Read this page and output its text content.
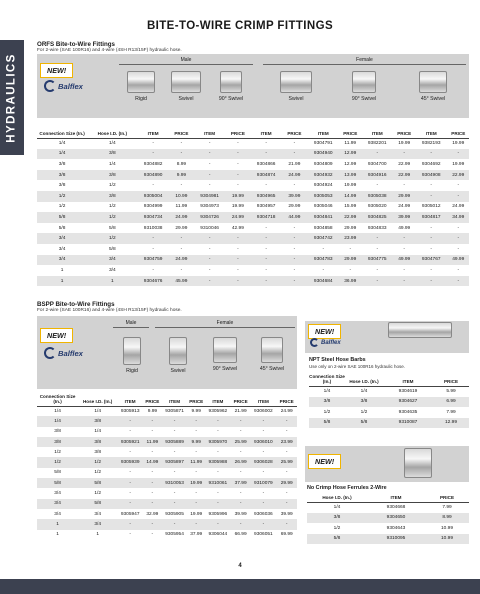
HYDRAULICS
BITE-TO-WIRE CRIMP FITTINGS
ORFS Bite-to-Wire Fittings
For 2-wire (SAE 100R16) and 4-wire (4SH R13/15F) hydraulic hose.
NEW!
Balflex
Male	Female
Rigid	Swivel	90° Swivel	Swivel	90° Swivel	45° Swivel
Connection Size (In.)	Hose I.D. (In.)	ITEM	PRICE	ITEM	PRICE	ITEM	PRICE	ITEM	PRICE	ITEM	PRICE	ITEM	PRICE
1/4	1/4	-	-	-	-	-	-	9304791	11.99	9382201	19.99	9382193	19.99
1/4	3/8	-	-	-	-	-	-	9304940	12.99	-	-	-	-
3/8	1/4	9304882	8.99	-	-	9304866	21.99	9304809	12.99	9304700	22.99	9304692	19.99
3/8	3/8	9304890	9.99	-	-	9304874	24.99	9304932	13.99	9304916	22.99	9304908	22.99
3/8	1/2	-	-	-	-	-	-	9304924	19.99	-	-	-	-
1/2	3/8	9305004	10.99	9304981	19.99	9304965	39.99	9305053	14.99	9305038	29.99	-	-
1/2	1/2	9304999	11.99	9304973	19.99	9304957	29.99	9305046	15.99	9305020	24.99	9305012	24.99
5/8	1/2	9304734	24.99	9304726	24.99	9304718	44.99	9304841	22.99	9304825	39.99	9304817	34.99
5/8	5/8	9310038	29.99	9310046	42.99	-	-	9304858	29.99	9304833	49.99	-	-
3/4	1/2	-	-	-	-	-	-	9304742	23.99	-	-	-	-
3/4	5/8	-	-	-	-	-	-	-	-	-	-	-	-
3/4	3/4	9304759	24.99	-	-	-	-	9304783	29.99	9304775	49.99	9304767	49.99
1	3/4	-	-	-	-	-	-	-	-	-	-	-	-
1	1	9304676	45.99	-	-	-	-	9304684	36.99	-	-	-	-
BSPP Bite-to-Wire Fittings
For 2-wire (SAE 100R16) and 4-wire (4SH R13/15F) hydraulic hose.
NEW!
Balflex
Male	Female
Rigid	Swivel	90° Swivel	45° Swivel
Connection Size (In.)	Hose I.D. (In.)	ITEM	PRICE	ITEM	PRICE	ITEM	PRICE	ITEM	PRICE
1/4	1/4	9305913	9.99	9305871	9.99	9305962	21.99	9306002	24.99
1/4	3/8	-	-	-	-	-	-	-	-
3/8	1/4	-	-	-	-	-	-	-	-
3/8	3/8	9305921	11.99	9305889	9.99	9305970	25.99	9306010	23.99
1/2	3/8	-	-	-	-	-	-	-	-
1/2	1/2	9305939	14.99	9305897	11.99	9305988	26.99	9306028	25.99
5/8	1/2	-	-	-	-	-	-	-	-
5/8	5/8	-	-	9310053	19.99	9310061	37.99	9310079	29.99
3/4	1/2	-	-	-	-	-	-	-	-
3/4	5/8	-	-	-	-	-	-	-	-
3/4	3/4	9305947	32.99	9305905	19.99	9305996	39.99	9306036	39.99
1	3/4	-	-	-	-	-	-	-	-
1	1	-	-	9305954	37.99	9306044	66.99	9306051	69.99
NEW!
Balflex
NPT Steel Hose Barbs
Use only on 2-wire SAE 100R16 hydraulic hose.
Connection Size (In.)	Hose I.D. (In.)	ITEM	PRICE
1/4	1/4	9304619	5.99
3/8	3/8	9304627	6.99
1/2	1/2	9304635	7.99
5/8	5/8	9310087	12.99
NEW!
No Crimp Hose Ferrules 2-Wire
Hose I.D. (In.)	ITEM	PRICE
1/4	9304668	7.99
3/8	9304650	8.99
1/2	9304643	10.99
5/8	9310095	10.99
4
